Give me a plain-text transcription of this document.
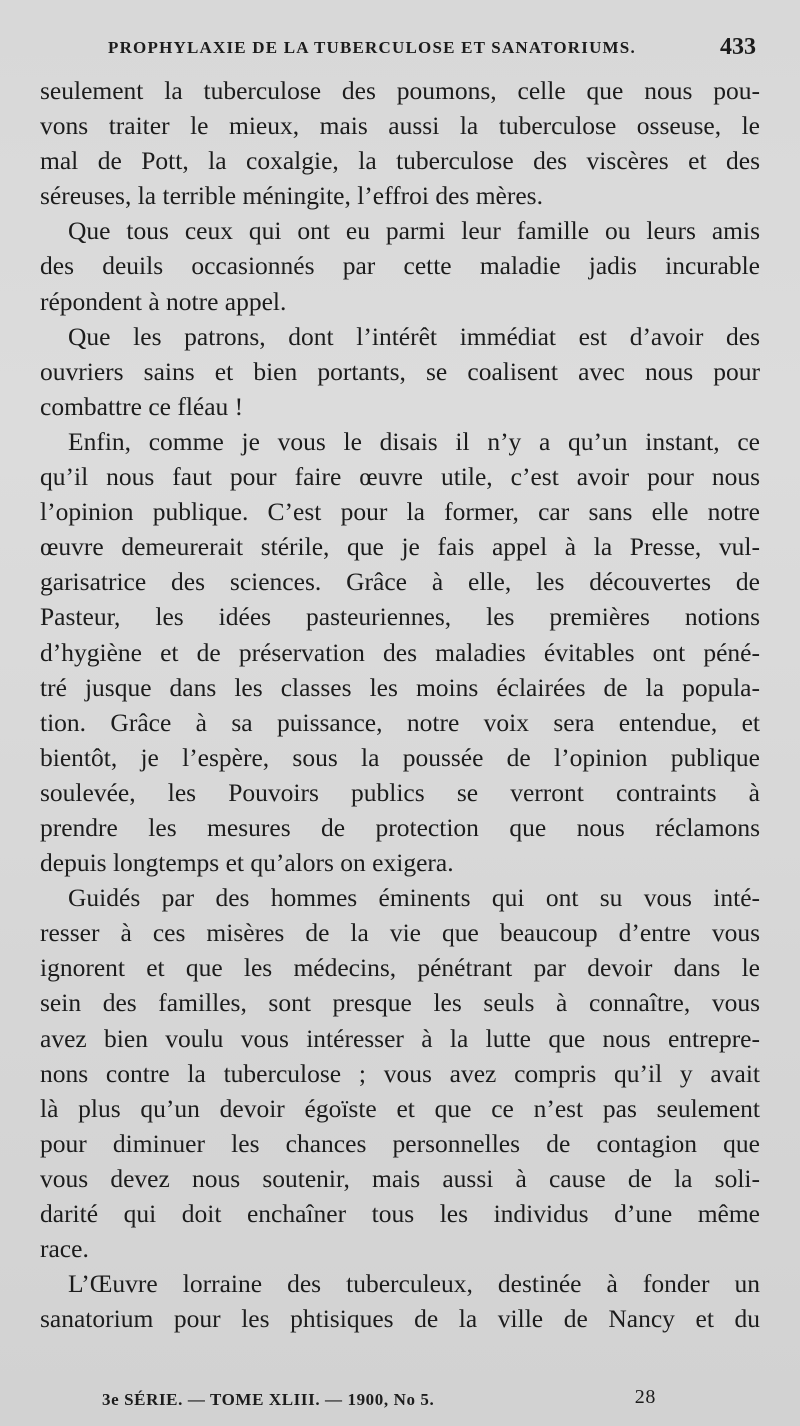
PROPHYLAXIE DE LA TUBERCULOSE ET SANATORIUMS.	433
seulement la tuberculose des poumons, celle que nous pou-
vons traiter le mieux, mais aussi la tuberculose osseuse, le
mal de Pott, la coxalgie, la tuberculose des viscères et des
séreuses, la terrible méningite, l’effroi des mères.
Que tous ceux qui ont eu parmi leur famille ou leurs amis
des deuils occasionnés par cette maladie jadis incurable
répondent à notre appel.
Que les patrons, dont l’intérêt immédiat est d’avoir des
ouvriers sains et bien portants, se coalisent avec nous pour
combattre ce fléau !
Enfin, comme je vous le disais il n’y a qu’un instant, ce
qu’il nous faut pour faire œuvre utile, c’est avoir pour nous
l’opinion publique. C’est pour la former, car sans elle notre
œuvre demeurerait stérile, que je fais appel à la Presse, vul-
garisatrice des sciences. Grâce à elle, les découvertes de
Pasteur, les idées pasteuriennes, les premières notions
d’hygiène et de préservation des maladies évitables ont péné-
tré jusque dans les classes les moins éclairées de la popula-
tion. Grâce à sa puissance, notre voix sera entendue, et
bientôt, je l’espère, sous la poussée de l’opinion publique
soulevée, les Pouvoirs publics se verront contraints à
prendre les mesures de protection que nous réclamons
depuis longtemps et qu’alors on exigera.
Guidés par des hommes éminents qui ont su vous inté-
resser à ces misères de la vie que beaucoup d’entre vous
ignorent et que les médecins, pénétrant par devoir dans le
sein des familles, sont presque les seuls à connaître, vous
avez bien voulu vous intéresser à la lutte que nous entrepre-
nons contre la tuberculose ; vous avez compris qu’il y avait
là plus qu’un devoir égoïste et que ce n’est pas seulement
pour diminuer les chances personnelles de contagion que
vous devez nous soutenir, mais aussi à cause de la soli-
darité qui doit enchaîner tous les individus d’une même
race.
L’Œuvre lorraine des tuberculeux, destinée à fonder un
sanatorium pour les phtisiques de la ville de Nancy et du
3e SÉRIE. — TOME XLIII. — 1900, No 5.	28
